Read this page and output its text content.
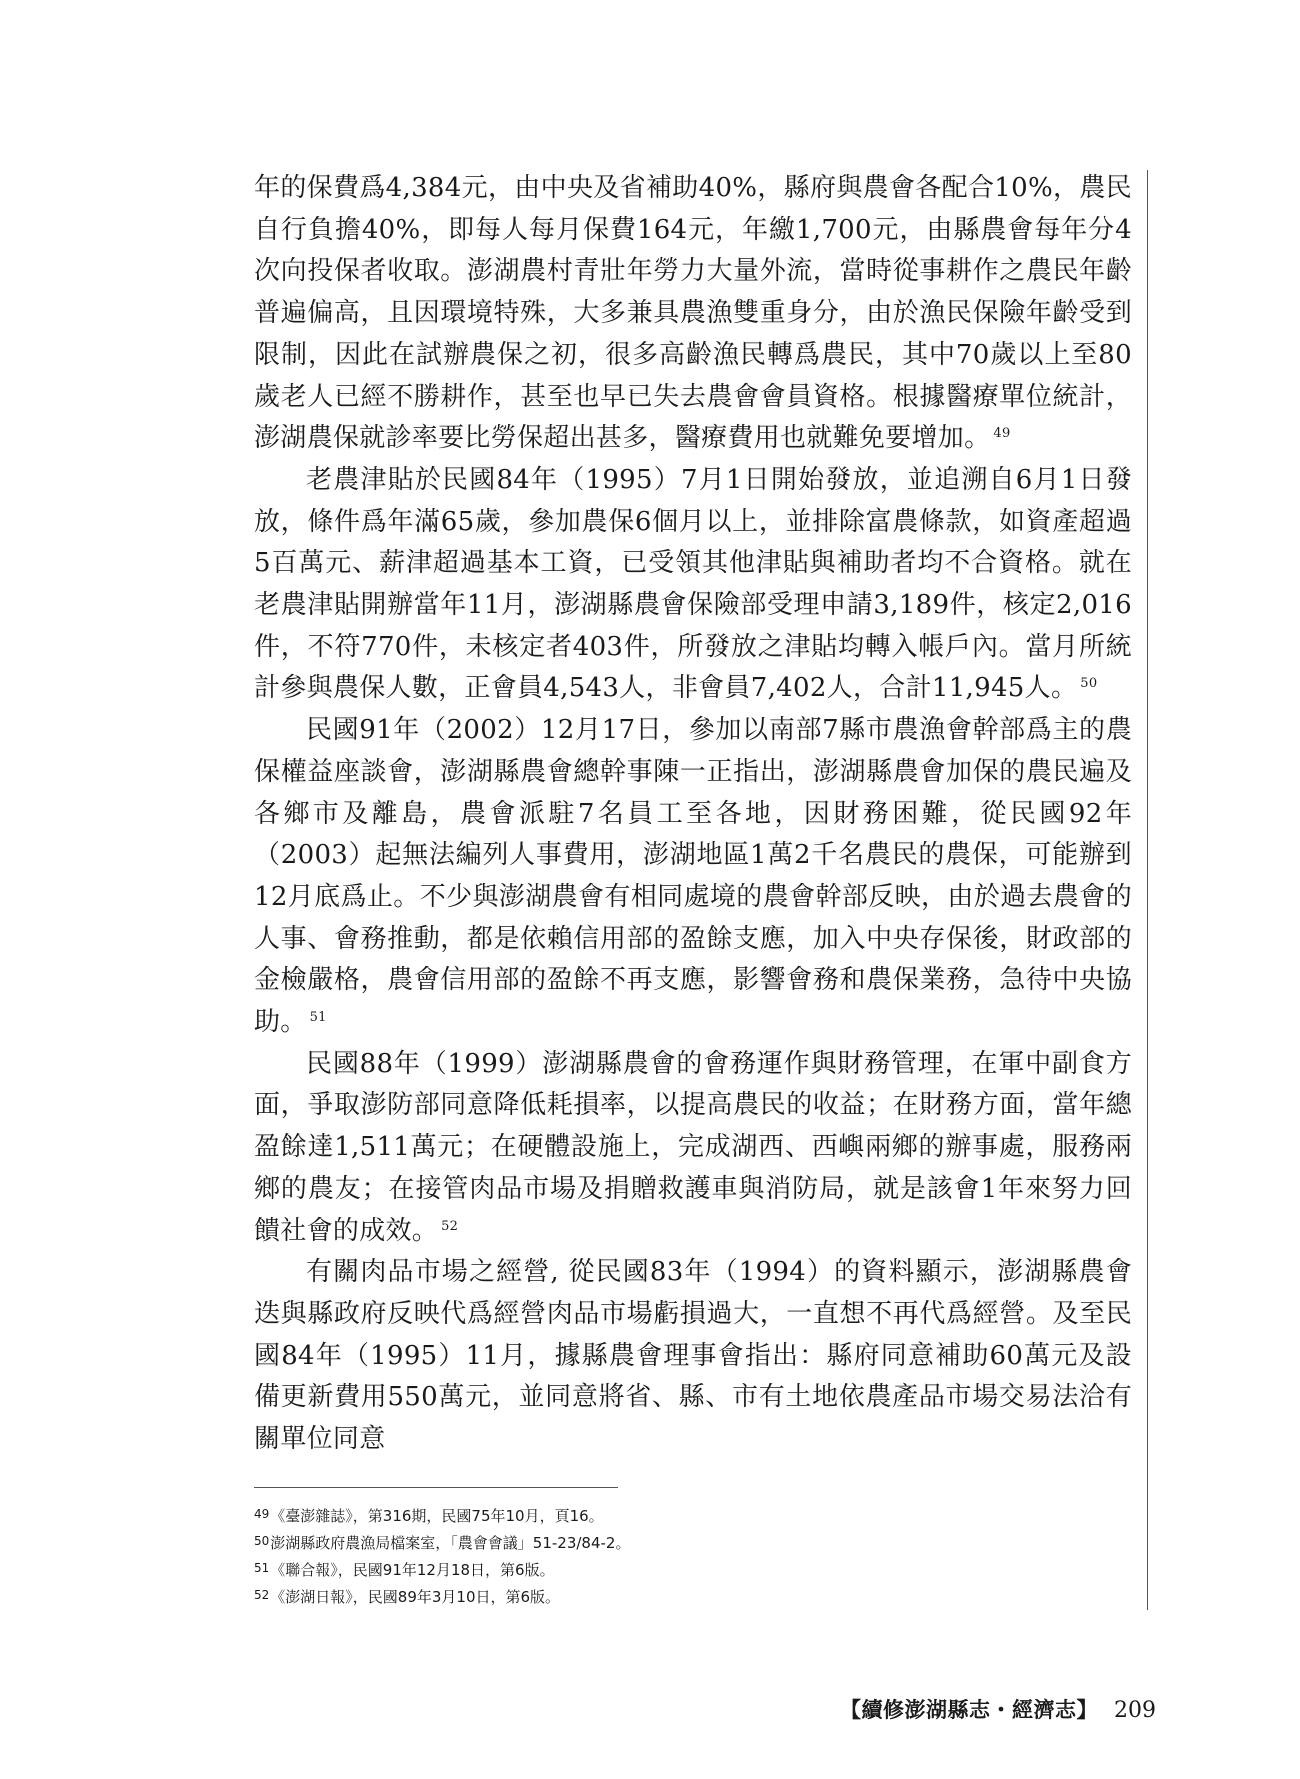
年的保費爲4,384元，由中央及省補助40%，縣府與農會各配合10%，農民自行負擔40%，即每人每月保費164元，年繳1,700元，由縣農會每年分4次向投保者收取。澎湖農村青壯年勞力大量外流，當時從事耕作之農民年齡普遍偏高，且因環境特殊，大多兼具農漁雙重身分，由於漁民保險年齡受到限制，因此在試辦農保之初，很多高齡漁民轉爲農民，其中70歲以上至80歲老人已經不勝耕作，甚至也早已失去農會會員資格。根據醫療單位統計，澎湖農保就診率要比勞保超出甚多，醫療費用也就難免要增加。 $^{49}$

老農津貼於民國84年（1995）7月1日開始發放，並追溯自6月1日發放，條件爲年滿65歲，參加農保6個月以上，並排除富農條款，如資產超過5百萬元、薪津超過基本工資，已受領其他津貼與補助者均不合資格。就在老農津貼開辦當年11月，澎湖縣農會保險部受理申請3,189件，核定2,016件，不符770件，未核定者403件，所發放之津貼均轉入帳戶內。當月所統計參與農保人數，正會員4,543人，非會員7,402人，合計11,945人。 $^{50}$

民國91年（2002）12月17日，參加以南部7縣市農漁會幹部爲主的農保權益座談會，澎湖縣農會總幹事陳一正指出，澎湖縣農會加保的農民遍及各鄉市及離島，農會派駐7名員工至各地，因財務困難，從民國92年（2003）起無法編列人事費用，澎湖地區1萬2千名農民的農保，可能辦到12月底爲止。不少與澎湖農會有相同處境的農會幹部反映，由於過去農會的人事、會務推動，都是依賴信用部的盈餘支應，加入中央存保後，財政部的金檢嚴格，農會信用部的盈餘不再支應，影響會務和農保業務，急待中央協助。 $^{51}$

民國88年（1999）澎湖縣農會的會務運作與財務管理，在軍中副食方面，爭取澎防部同意降低耗損率，以提高農民的收益；在財務方面，當年總盈餘達1,511萬元；在硬體設施上，完成湖西、西嶼兩鄉的辦事處，服務兩鄉的農友；在接管肉品市場及捐贈救護車與消防局，就是該會1年來努力回饋社會的成效。 $^{52}$

有關肉品市場之經營, 從民國83年（1994）的資料顯示，澎湖縣農會迭與縣政府反映代爲經營肉品市場虧損過大，一直想不再代爲經營。及至民國84年（1995）11月，據縣農會理事會指出：縣府同意補助60萬元及設備更新費用550萬元，並同意將省、縣、市有土地依農產品市場交易法洽有關單位同意

$^{49}$《臺澎雜誌》，第316期，民國75年10月，頁16。

$^{50}$澎湖縣政府農漁局檔案室，「農會會議」51-23/84-2。

$^{51}$《聯合報》，民國91年12月18日，第6版。

$^{52}$《澎湖日報》，民國89年3月10日，第6版。

【續修澎湖縣志・經濟志】 209
